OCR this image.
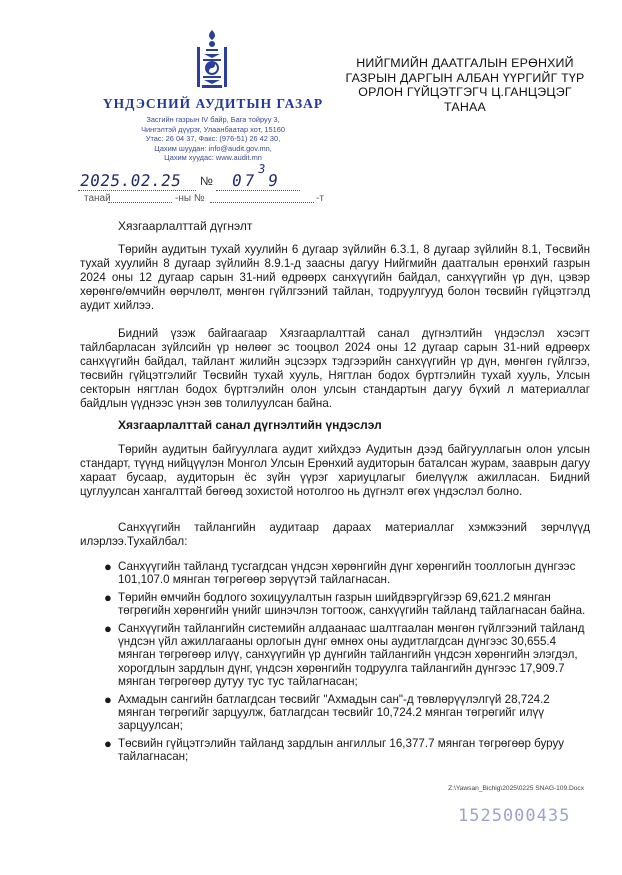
ҮНДЭСНИЙ АУДИТЫН ГАЗАР
Засгийн газрын IV байр, Бага тойруу 3,
Чингэлтэй дүүрэг, Улаанбаатар хот, 15160
Утас: 26 04 37, Факс: (976-51) 26 42 30,
Цахим шуудан: info@audit.gov.mn,
Цахим хуудас: www.audit.mn
НИЙГМИЙН ДААТГАЛЫН ЕРӨНХИЙ
ГАЗРЫН ДАРГЫН АЛБАН ҮҮРГИЙГ ТҮР
ОРЛОН ГҮЙЦЭТГЭГЧ Ц.ГАНЦЭЦЭГ
ТАНАА
2025.02.25 № 07
3
9
танай	-ны №	-т
Хязгаарлалттай дүгнэлт

Төрийн аудитын тухай хуулийн 6 дугаар зүйлийн 6.3.1, 8 дугаар зүйлийн 8.1, Төсвийн тухай хуулийн 8 дугаар зүйлийн 8.9.1-д заасны дагуу Нийгмийн даатгалын ерөнхий газрын 2024 оны 12 дугаар сарын 31-ний өдрөөрх санхүүгийн байдал, санхүүгийн үр дүн, цэвэр хөрөнгө/өмчийн өөрчлөлт, мөнгөн гүйлгээний тайлан, тодруулгууд болон төсвийн гүйцэтгэлд аудит хийлээ.

Бидний үзэж байгаагаар Хязгаарлалттай санал дүгнэлтийн үндэслэл хэсэгт тайлбарласан зүйлсийн үр нөлөөг эс тооцвол 2024 оны 12 дугаар сарын 31-ний өдрөөрх санхүүгийн байдал, тайлант жилийн эцсээрх тэдгээрийн санхүүгийн үр дүн, мөнгөн гүйлгээ, төсвийн гүйцэтгэлийг Төсвийн тухай хууль, Нягтлан бодох бүртгэлийн тухай хууль, Улсын секторын нягтлан бодох бүртгэлийн олон улсын стандартын дагуу бүхий л материаллаг байдлын үүднээс үнэн зөв толилуулсан байна.

Хязгаарлалттай санал дүгнэлтийн үндэслэл

Төрийн аудитын байгууллага аудит хийхдээ Аудитын дээд байгууллагын олон улсын стандарт, түүнд нийцүүлэн Монгол Улсын Ерөнхий аудиторын баталсан журам, зааврын дагуу хараат бусаар, аудиторын ёс зүйн үүрэг хариуцлагыг биелүүлж ажилласан. Бидний цуглуулсан хангалттай бөгөөд зохистой нотолгоо нь дүгнэлт өгөх үндэслэл болно.

Санхүүгийн тайлангийн аудитаар дараах материаллаг хэмжээний зөрчлүүд илэрлээ.Тухайлбал:

● Санхүүгийн тайланд тусгагдсан үндсэн хөрөнгийн дүнг хөрөнгийн тооллогын дүнгээс 101,107.0 мянган төгрөгөөр зөрүүтэй тайлагнасан.
● Төрийн өмчийн бодлого зохицуулалтын газрын шийдвэргүйгээр 69,621.2 мянган төгрөгийн хөрөнгийн үнийг шинэчлэн тогтоож, санхүүгийн тайланд тайлагнасан байна.
● Санхүүгийн тайлангийн системийн алдаанаас шалтгаалан мөнгөн гүйлгээний тайланд үндсэн үйл ажиллагааны орлогын дүнг өмнөх оны аудитлагдсан дүнгээс 30,655.4 мянган төгрөгөөр илүү, санхүүгийн үр дүнгийн тайлангийн үндсэн хөрөнгийн элэгдэл, хорогдлын зардлын дүнг, үндсэн хөрөнгийн тодруулга тайлангийн дүнгээс 17,909.7 мянган төгрөгөөр дутуу тус тус тайлагнасан;
● Ахмадын сангийн батлагдсан төсвийг "Ахмадын сан"-д төвлөрүүлэлгүй 28,724.2 мянган төгрөгийг зарцуулж, батлагдсан төсвийг 10,724.2 мянган төгрөгийг илүү зарцуулсан;
● Төсвийн гүйцэтгэлийн тайланд зардлын ангиллыг 16,377.7 мянган төгрөгөөр буруу тайлагнасан;
Z:\Yawsan_Bichig\2025\0225 SNAG-109.Docx
1525000435
